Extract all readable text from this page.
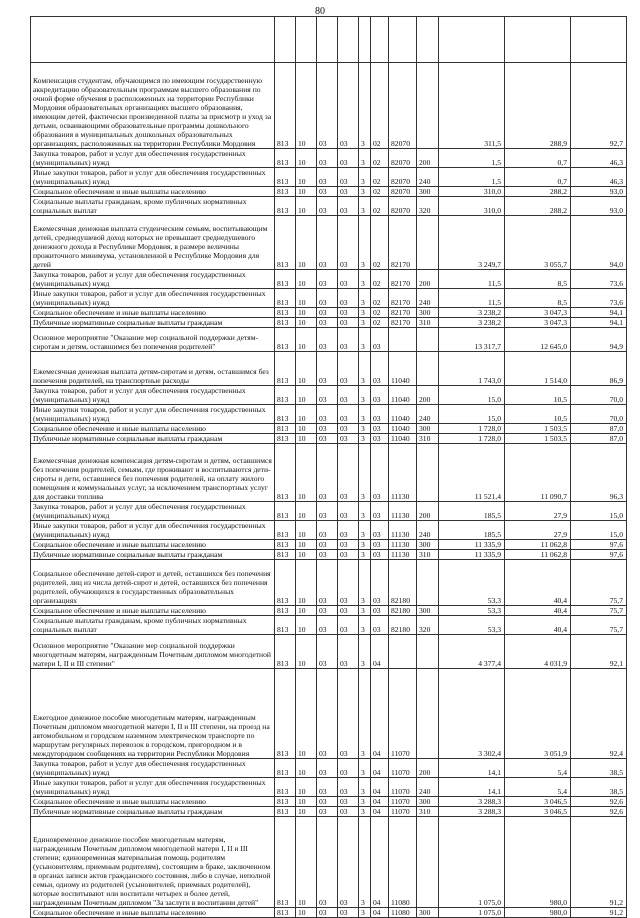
80

Компенсация студентам, обучающимся по имеющим государственную аккредитацию образовательным программам высшего образования по очной форме обучения в расположенных на территории Республики Мордовия образовательных организациях высшего образования, имеющим детей, фактически произведенной платы за присмотр и уход за детьми, осваивающими образовательные программы дошкольного образования в муниципальных дошкольных образовательных организациях, расположенных на территории Республики Мордовия	813	10	03	03	3	02	82070		311,5	288,9	92,7
Закупка товаров, работ и услуг для обеспечения государственных (муниципальных) нужд	813	10	03	03	3	02	82070	200	1,5	0,7	46,3
Иные закупки товаров, работ и услуг для обеспечения государственных (муниципальных) нужд	813	10	03	03	3	02	82070	240	1,5	0,7	46,3
Социальное обеспечение и иные выплаты населению	813	10	03	03	3	02	82070	300	310,0	288,2	93,0
Социальные выплаты гражданам, кроме публичных нормативных социальных выплат	813	10	03	03	3	02	82070	320	310,0	288,2	93,0
Ежемесячная денежная выплата студенческим семьям, воспитывающим детей, среднедушевой доход которых не превышает среднедушевого денежного дохода в Республике Мордовия, в размере величины прожиточного минимума, установленной в Республике Мордовия для детей	813	10	03	03	3	02	82170		3 249,7	3 055,7	94,0
Закупка товаров, работ и услуг для обеспечения государственных (муниципальных) нужд	813	10	03	03	3	02	82170	200	11,5	8,5	73,6
Иные закупки товаров, работ и услуг для обеспечения государственных (муниципальных) нужд	813	10	03	03	3	02	82170	240	11,5	8,5	73,6
Социальное обеспечение и иные выплаты населению	813	10	03	03	3	02	82170	300	3 238,2	3 047,3	94,1
Публичные нормативные социальные выплаты гражданам	813	10	03	03	3	02	82170	310	3 238,2	3 047,3	94,1
Основное мероприятие "Оказание мер социальной поддержки детям-сиротам и детям, оставшимся без попечения родителей"	813	10	03	03	3	03			13 317,7	12 645,0	94,9
Ежемесячная денежная выплата детям-сиротам и детям, оставшимся без попечения родителей, на транспортные расходы	813	10	03	03	3	03	11040		1 743,0	1 514,0	86,9
Закупка товаров, работ и услуг для обеспечения государственных (муниципальных) нужд	813	10	03	03	3	03	11040	200	15,0	10,5	70,0
Иные закупки товаров, работ и услуг для обеспечения государственных (муниципальных) нужд	813	10	03	03	3	03	11040	240	15,0	10,5	70,0
Социальное обеспечение и иные выплаты населению	813	10	03	03	3	03	11040	300	1 728,0	1 503,5	87,0
Публичные нормативные социальные выплаты гражданам	813	10	03	03	3	03	11040	310	1 728,0	1 503,5	87,0
Ежемесячная денежная компенсация детям-сиротам и детям, оставшимся без попечения родителей, семьям, где проживают и воспитываются дети-сироты и дети, оставшиеся без попечения родителей, на оплату жилого помещения и коммунальных услуг, за исключением транспортных услуг для доставки топлива	813	10	03	03	3	03	11130		11 521,4	11 090,7	96,3
Закупка товаров, работ и услуг для обеспечения государственных (муниципальных) нужд	813	10	03	03	3	03	11130	200	185,5	27,9	15,0
Иные закупки товаров, работ и услуг для обеспечения государственных (муниципальных) нужд	813	10	03	03	3	03	11130	240	185,5	27,9	15,0
Социальное обеспечение и иные выплаты населению	813	10	03	03	3	03	11130	300	11 335,9	11 062,8	97,6
Публичные нормативные социальные выплаты гражданам	813	10	03	03	3	03	11130	310	11 335,9	11 062,8	97,6
Социальное обеспечение детей-сирот и детей, оставшихся без попечения родителей, лиц из числа детей-сирот и детей, оставшихся без попечения родителей, обучающихся в государственных образовательных организациях	813	10	03	03	3	03	82180		53,3	40,4	75,7
Социальное обеспечение и иные выплаты населению	813	10	03	03	3	03	82180	300	53,3	40,4	75,7
Социальные выплаты гражданам, кроме публичных нормативных социальных выплат	813	10	03	03	3	03	82180	320	53,3	40,4	75,7
Основное мероприятие "Оказание мер социальной поддержки многодетным матерям, награжденным Почетным дипломом многодетной матери I, II и III степени"	813	10	03	03	3	04			4 377,4	4 031,9	92,1
Ежегодное денежное пособие многодетным матерям, награжденным Почетным дипломом многодетной матери I, II и III степени, на проезд на автомобильном и городском наземном электрическом транспорте по маршрутам регулярных перевозок в городском, пригородном и в междугородном сообщениях на территории Республики Мордовия	813	10	03	03	3	04	11070		3 302,4	3 051,9	92,4
Закупка товаров, работ и услуг для обеспечения государственных (муниципальных) нужд	813	10	03	03	3	04	11070	200	14,1	5,4	38,5
Иные закупки товаров, работ и услуг для обеспечения государственных (муниципальных) нужд	813	10	03	03	3	04	11070	240	14,1	5,4	38,5
Социальное обеспечение и иные выплаты населению	813	10	03	03	3	04	11070	300	3 288,3	3 046,5	92,6
Публичные нормативные социальные выплаты гражданам	813	10	03	03	3	04	11070	310	3 288,3	3 046,5	92,6
Единовременное денежное пособие многодетным матерям, награжденным Почетным дипломом многодетной матери I, II и III степени; единовременная материальная помощь родителям (усыновителям, приемным родителям), состоящим в браке, заключенном в органах записи актов гражданского состояния, либо в случае, неполной семьи, одному из родителей (усыновителей, приемных родителей), которые воспитывают или воспитали четырех и более детей, награжденным Почетным дипломом "За заслуги в воспитании детей"	813	10	03	03	3	04	11080		1 075,0	980,0	91,2
Социальное обеспечение и иные выплаты населению	813	10	03	03	3	04	11080	300	1 075,0	980,0	91,2
